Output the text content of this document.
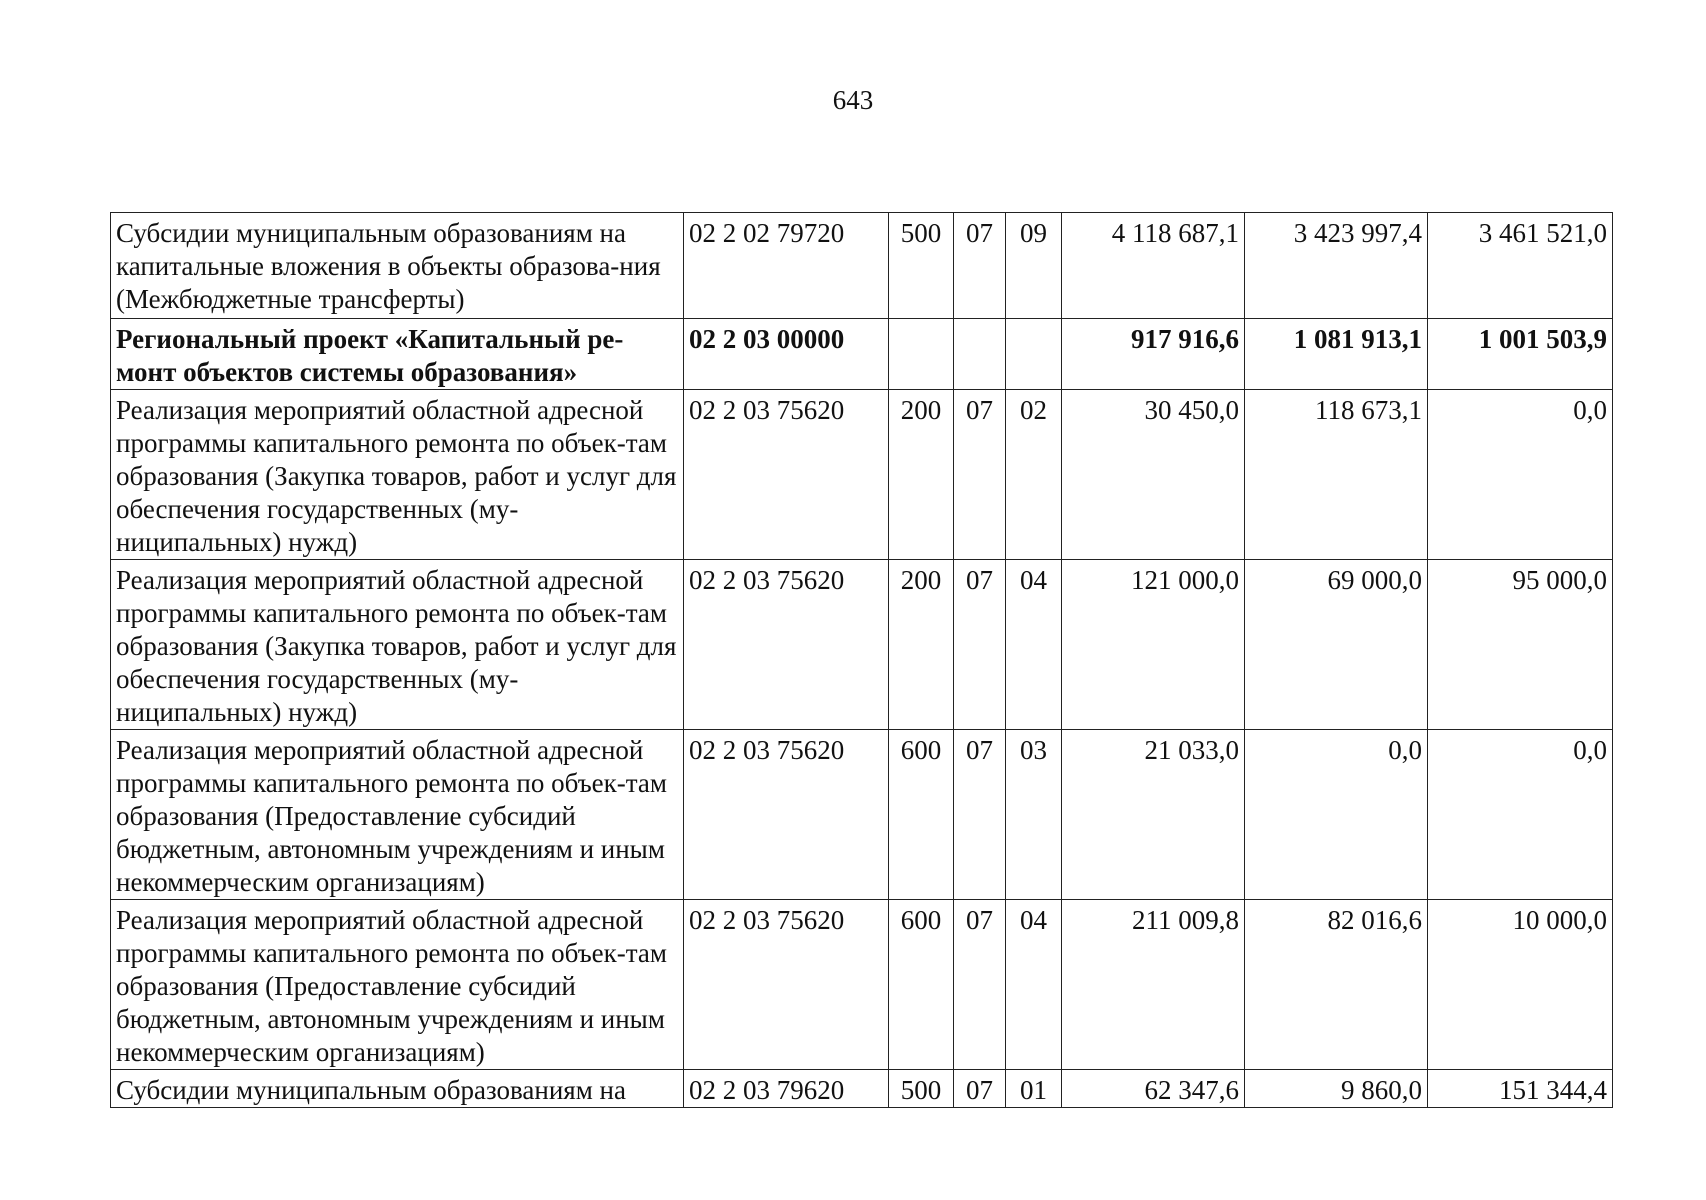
643
Субсидии муниципальным образованиям на капитальные вложения в объекты образова-ния (Межбюджетные трансферты)	02 2 02 79720	500	07	09	4 118 687,1	3 423 997,4	3 461 521,0
Региональный проект «Капитальный ре-монт объектов системы образования»	02 2 03 00000				917 916,6	1 081 913,1	1 001 503,9
Реализация мероприятий областной адресной программы капитального ремонта по объек-там образования (Закупка товаров, работ и услуг для обеспечения государственных (му-ниципальных) нужд)	02 2 03 75620	200	07	02	30 450,0	118 673,1	0,0
Реализация мероприятий областной адресной программы капитального ремонта по объек-там образования (Закупка товаров, работ и услуг для обеспечения государственных (му-ниципальных) нужд)	02 2 03 75620	200	07	04	121 000,0	69 000,0	95 000,0
Реализация мероприятий областной адресной программы капитального ремонта по объек-там образования (Предоставление субсидий бюджетным, автономным учреждениям и иным некоммерческим организациям)	02 2 03 75620	600	07	03	21 033,0	0,0	0,0
Реализация мероприятий областной адресной программы капитального ремонта по объек-там образования (Предоставление субсидий бюджетным, автономным учреждениям и иным некоммерческим организациям)	02 2 03 75620	600	07	04	211 009,8	82 016,6	10 000,0
Субсидии муниципальным образованиям на	02 2 03 79620	500	07	01	62 347,6	9 860,0	151 344,4
